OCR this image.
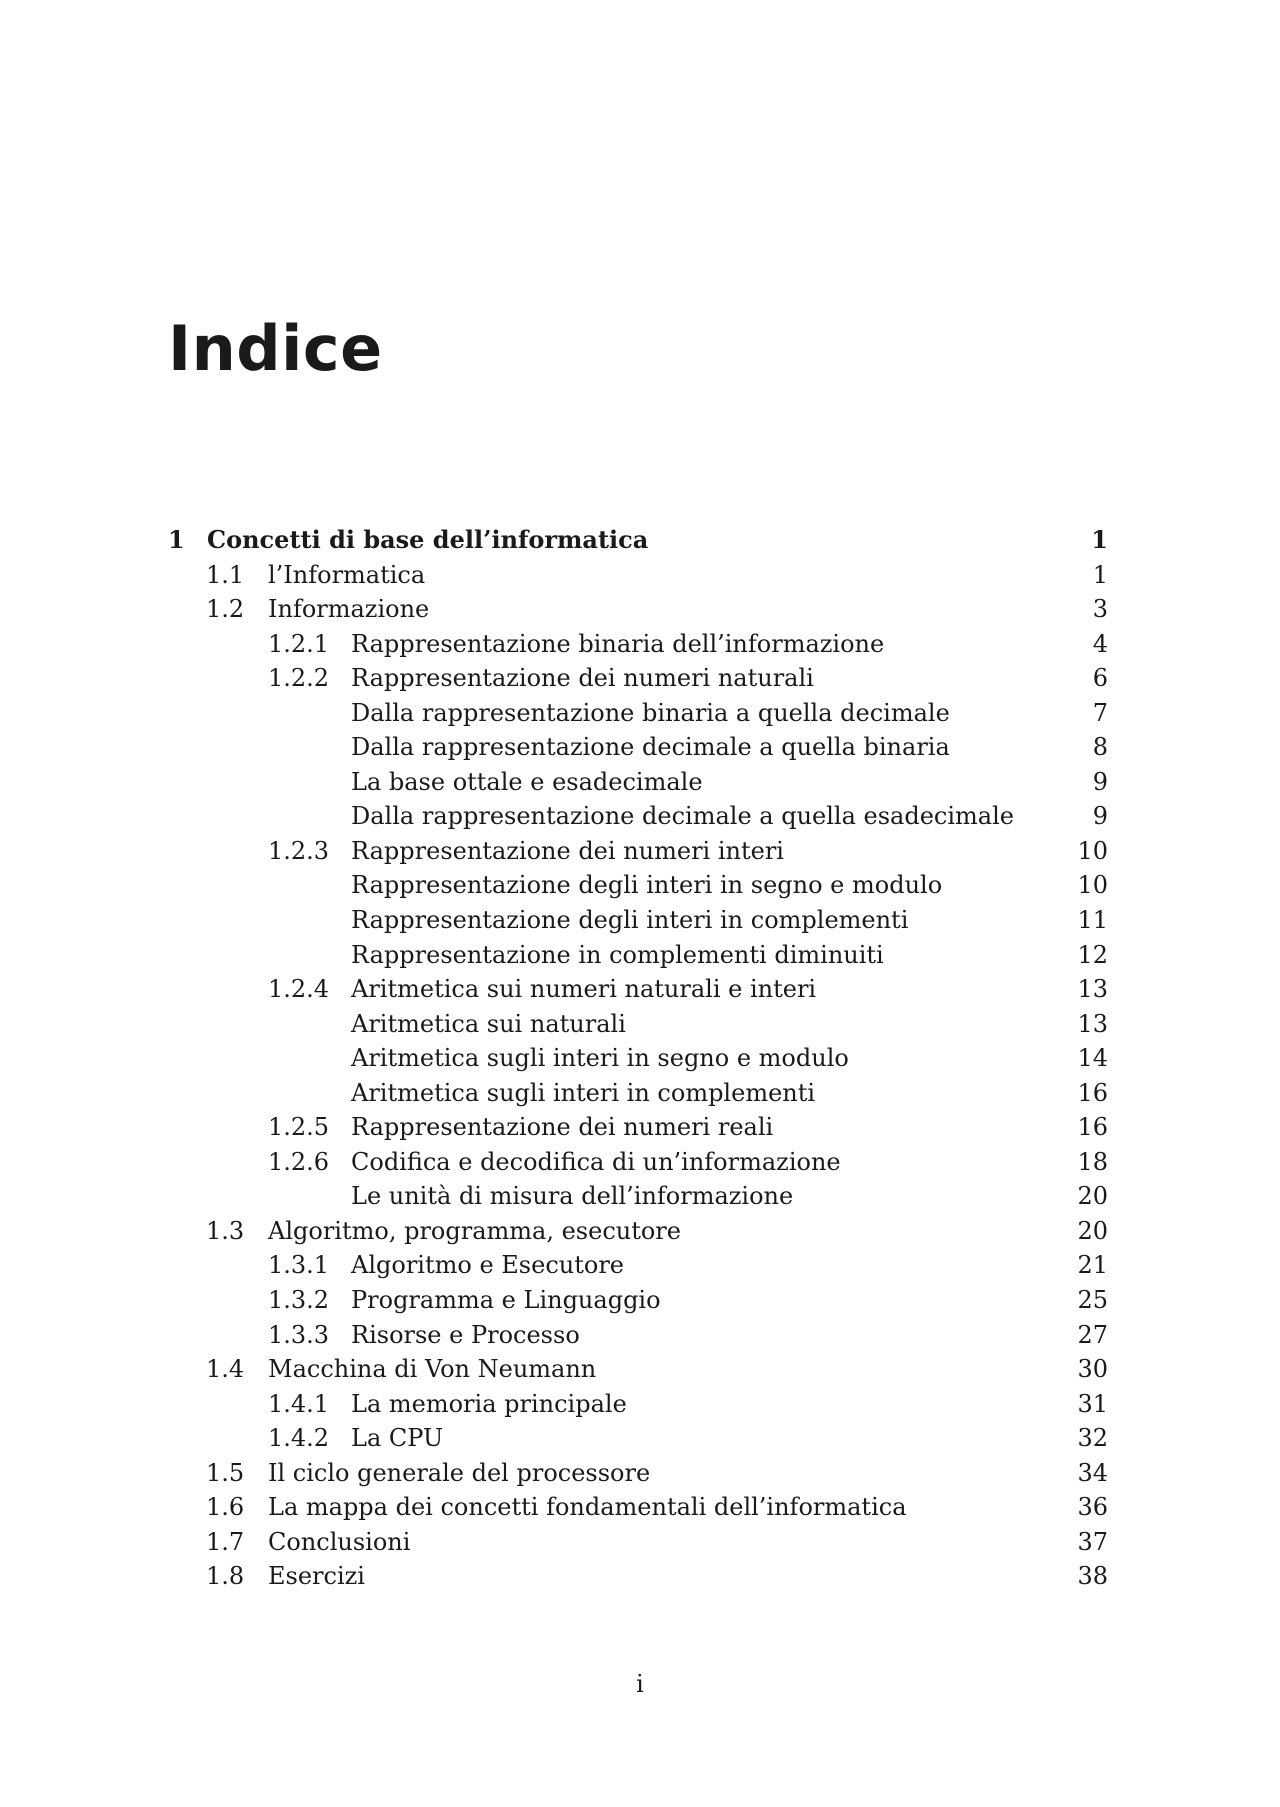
Indice
1 Concetti di base dell’informatica	1
1.1 l’Informatica	1
1.2 Informazione	3
1.2.1 Rappresentazione binaria dell’informazione	4
1.2.2 Rappresentazione dei numeri naturali	6
Dalla rappresentazione binaria a quella decimale	7
Dalla rappresentazione decimale a quella binaria	8
La base ottale e esadecimale	9
Dalla rappresentazione decimale a quella esadecimale	9
1.2.3 Rappresentazione dei numeri interi	10
Rappresentazione degli interi in segno e modulo	10
Rappresentazione degli interi in complementi	11
Rappresentazione in complementi diminuiti	12
1.2.4 Aritmetica sui numeri naturali e interi	13
Aritmetica sui naturali	13
Aritmetica sugli interi in segno e modulo	14
Aritmetica sugli interi in complementi	16
1.2.5 Rappresentazione dei numeri reali	16
1.2.6 Codifica e decodifica di un’informazione	18
Le unità di misura dell’informazione	20
1.3 Algoritmo, programma, esecutore	20
1.3.1 Algoritmo e Esecutore	21
1.3.2 Programma e Linguaggio	25
1.3.3 Risorse e Processo	27
1.4 Macchina di Von Neumann	30
1.4.1 La memoria principale	31
1.4.2 La CPU	32
1.5 Il ciclo generale del processore	34
1.6 La mappa dei concetti fondamentali dell’informatica	36
1.7 Conclusioni	37
1.8 Esercizi	38
i
